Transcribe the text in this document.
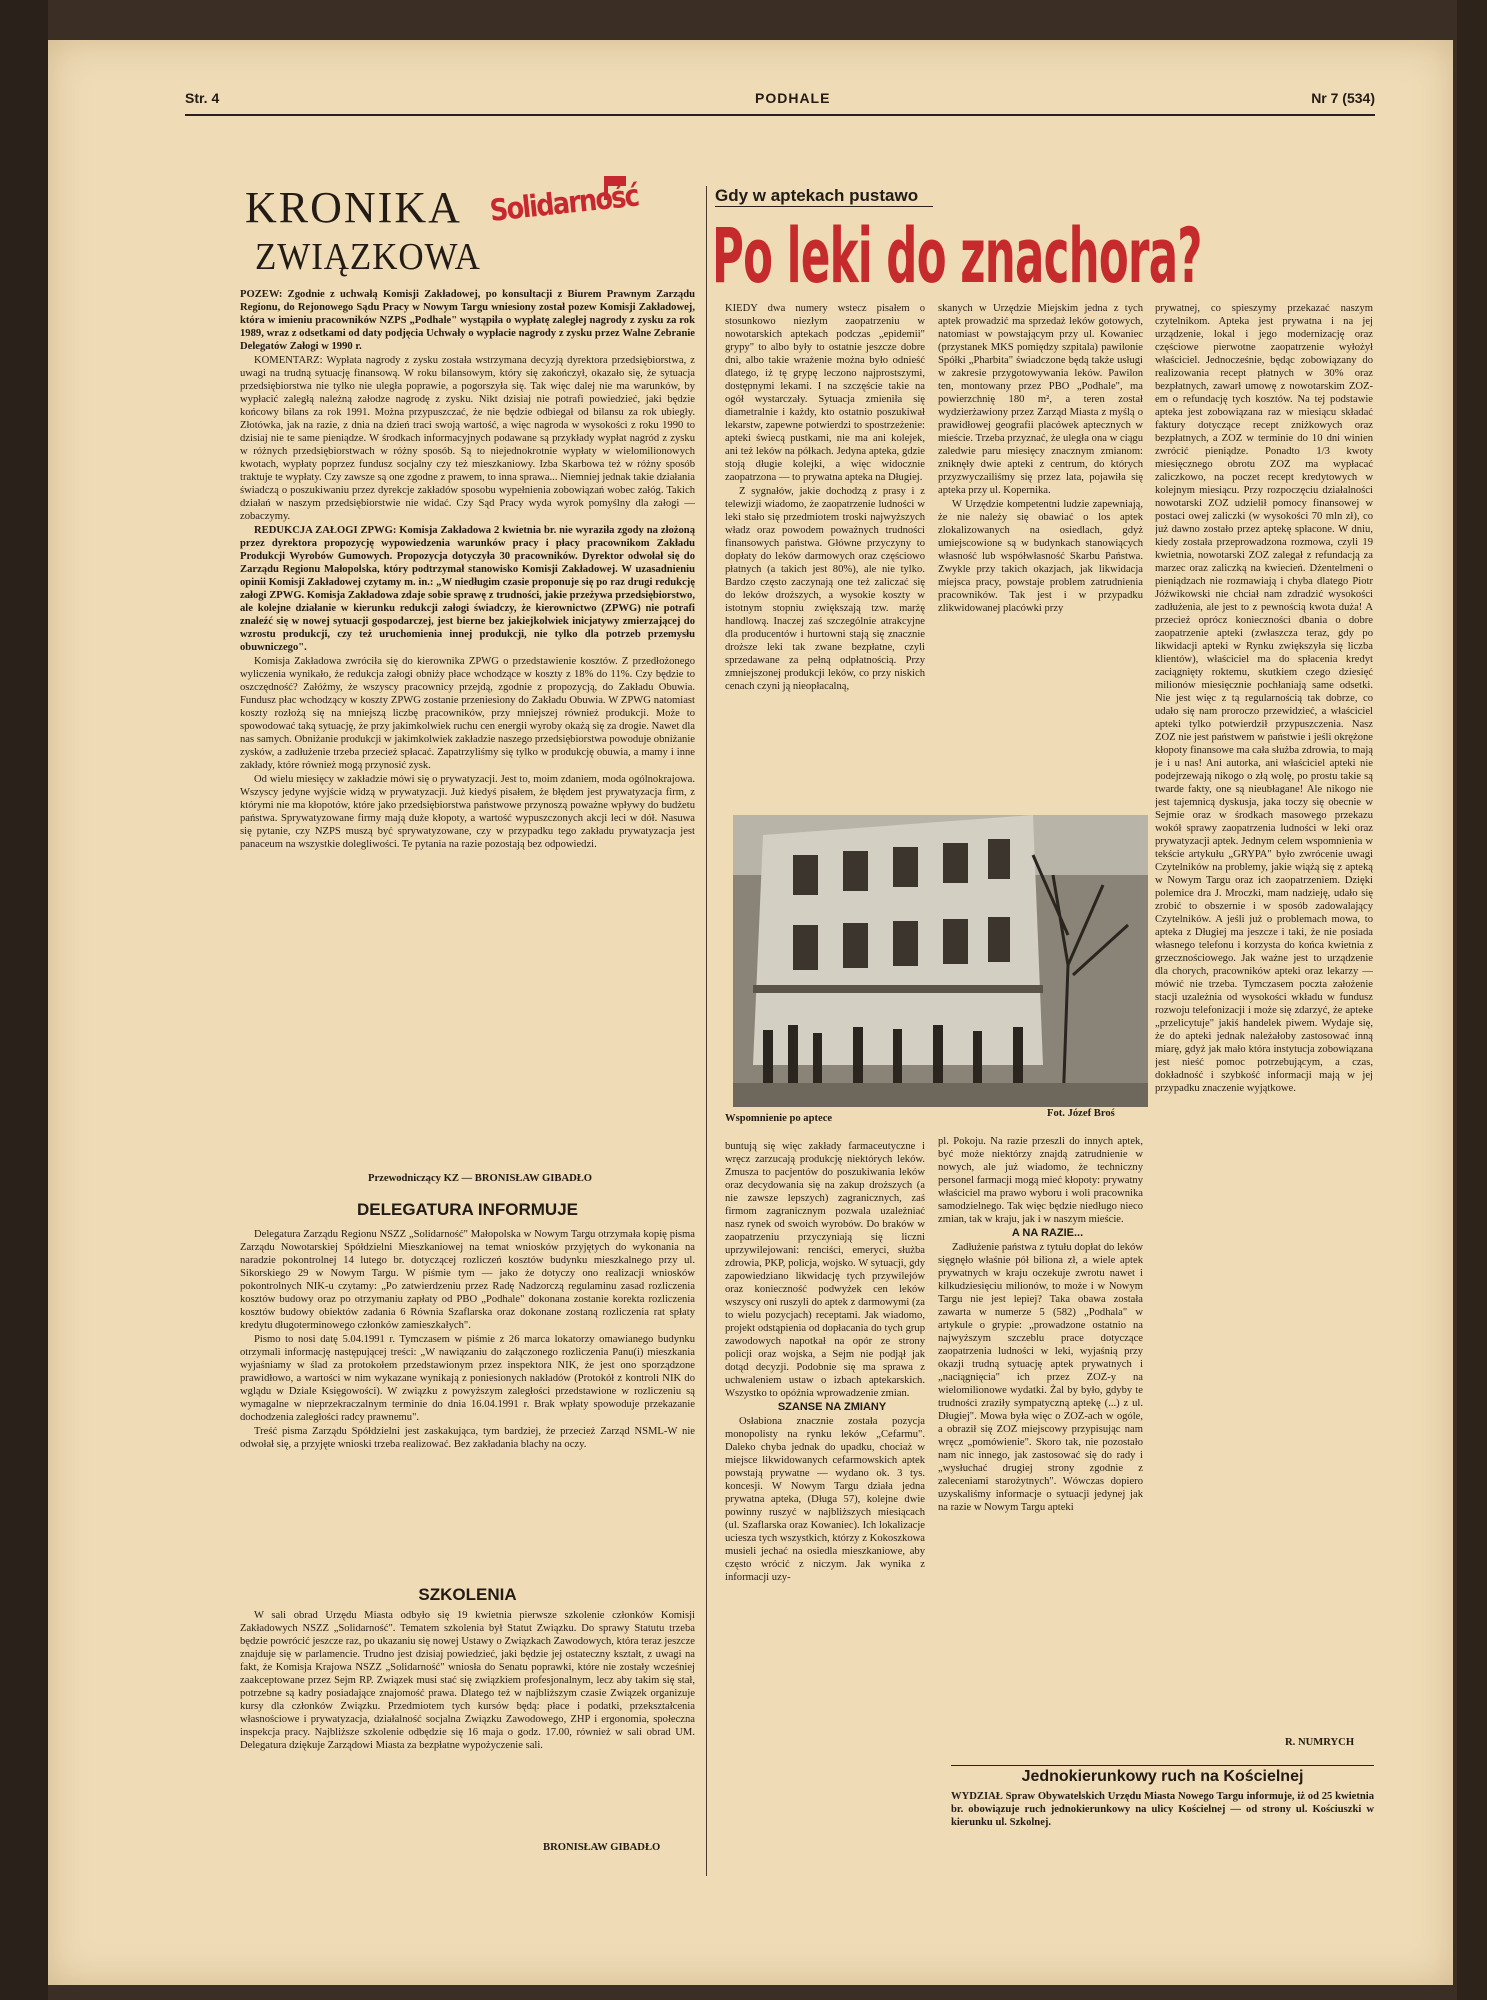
Str. 4	PODHALE	Nr 7 (534)
KRONIKA
ZWIĄZKOWA
Solidarność

POZEW: Zgodnie z uchwałą Komisji Zakładowej, po konsultacji z Biurem Prawnym Zarządu Regionu, do Rejonowego Sądu Pracy w Nowym Targu wniesiony został pozew Komisji Zakładowej, która w imieniu pracowników NZPS „Podhale" wystąpiła o wypłatę zaległej nagrody z zysku za rok 1989, wraz z odsetkami od daty podjęcia Uchwały o wypłacie nagrody z zysku przez Walne Zebranie Delegatów Załogi w 1990 r.

KOMENTARZ: Wypłata nagrody z zysku została wstrzymana decyzją dyrektora przedsiębiorstwa, z uwagi na trudną sytuację finansową. W roku bilansowym, który się zakończył, okazało się, że sytuacja przedsiębiorstwa nie tylko nie uległa poprawie, a pogorszyła się. Tak więc dalej nie ma warunków, by wypłacić zaległą należną załodze nagrodę z zysku. Nikt dzisiaj nie potrafi powiedzieć, jaki będzie końcowy bilans za rok 1991. Można przypuszczać, że nie będzie odbiegał od bilansu za rok ubiegły. Złotówka, jak na razie, z dnia na dzień traci swoją wartość, a więc nagroda w wysokości z roku 1990 to dzisiaj nie te same pieniądze. W środkach informacyjnych podawane są przykłady wypłat nagród z zysku w różnych przedsiębiorstwach w różny sposób. Są to niejednokrotnie wypłaty w wielomilionowych kwotach, wypłaty poprzez fundusz socjalny czy też mieszkaniowy. Izba Skarbowa też w różny sposób traktuje te wypłaty. Czy zawsze są one zgodne z prawem, to inna sprawa... Niemniej jednak takie działania świadczą o poszukiwaniu przez dyrekcje zakładów sposobu wypełnienia zobowiązań wobec załóg. Takich działań w naszym przedsiębiorstwie nie widać. Czy Sąd Pracy wyda wyrok pomyślny dla załogi — zobaczymy.

REDUKCJA ZAŁOGI ZPWG: Komisja Zakładowa 2 kwietnia br. nie wyraziła zgody na złożoną przez dyrektora propozycję wypowiedzenia warunków pracy i płacy pracownikom Zakładu Produkcji Wyrobów Gumowych. Propozycja dotyczyła 30 pracowników. Dyrektor odwołał się do Zarządu Regionu Małopolska, który podtrzymał stanowisko Komisji Zakładowej. W uzasadnieniu opinii Komisji Zakładowej czytamy m. in.: „W niedługim czasie proponuje się po raz drugi redukcję załogi ZPWG. Komisja Zakładowa zdaje sobie sprawę z trudności, jakie przeżywa przedsiębiorstwo, ale kolejne działanie w kierunku redukcji załogi świadczy, że kierownictwo (ZPWG) nie potrafi znaleźć się w nowej sytuacji gospodarczej, jest bierne bez jakiejkolwiek inicjatywy zmierzającej do wzrostu produkcji, czy też uruchomienia innej produkcji, nie tylko dla potrzeb przemysłu obuwniczego".

Komisja Zakładowa zwróciła się do kierownika ZPWG o przedstawienie kosztów. Z przedłożonego wyliczenia wynikało, że redukcja załogi obniży płace wchodzące w koszty z 18% do 11%. Czy będzie to oszczędność? Załóżmy, że wszyscy pracownicy przejdą, zgodnie z propozycją, do Zakładu Obuwia. Fundusz płac wchodzący w koszty ZPWG zostanie przeniesiony do Zakładu Obuwia. W ZPWG natomiast koszty rozłożą się na mniejszą liczbę pracowników, przy mniejszej również produkcji. Może to spowodować taką sytuację, że przy jakimkolwiek ruchu cen energii wyroby okażą się za drogie. Nawet dla nas samych. Obniżanie produkcji w jakimkolwiek zakładzie naszego przedsiębiorstwa powoduje obniżanie zysków, a zadłużenie trzeba przecież spłacać. Zapatrzyliśmy się tylko w produkcję obuwia, a mamy i inne zakłady, które również mogą przynosić zysk.

Od wielu miesięcy w zakładzie mówi się o prywatyzacji. Jest to, moim zdaniem, moda ogólnokrajowa. Wszyscy jedyne wyjście widzą w prywatyzacji. Już kiedyś pisałem, że błędem jest prywatyzacja firm, z którymi nie ma kłopotów, które jako przedsiębiorstwa państwowe przynoszą poważne wpływy do budżetu państwa. Sprywatyzowane firmy mają duże kłopoty, a wartość wypuszczonych akcji leci w dół. Nasuwa się pytanie, czy NZPS muszą być sprywatyzowane, czy w przypadku tego zakładu prywatyzacja jest panaceum na wszystkie dolegliwości. Te pytania na razie pozostają bez odpowiedzi.

Przewodniczący KZ — BRONISŁAW GIBADŁO
DELEGATURA INFORMUJE

Delegatura Zarządu Regionu NSZZ „Solidarność" Małopolska w Nowym Targu otrzymała kopię pisma Zarządu Nowotarskiej Spółdzielni Mieszkaniowej na temat wniosków przyjętych do wykonania na naradzie pokontrolnej 14 lutego br. dotyczącej rozliczeń kosztów budynku mieszkalnego przy ul. Sikorskiego 29 w Nowym Targu. W piśmie tym — jako że dotyczy ono realizacji wniosków pokontrolnych NIK-u czytamy: „Po zatwierdzeniu przez Radę Nadzorczą regulaminu zasad rozliczenia kosztów budowy oraz po otrzymaniu zapłaty od PBO „Podhale" dokonana zostanie korekta rozliczenia kosztów budowy obiektów zadania 6 Równia Szaflarska oraz dokonane zostaną rozliczenia rat spłaty kredytu długoterminowego członków zamieszkałych".

Pismo to nosi datę 5.04.1991 r. Tymczasem w piśmie z 26 marca lokatorzy omawianego budynku otrzymali informację następującej treści: „W nawiązaniu do załączonego rozliczenia Panu(i) mieszkania wyjaśniamy w ślad za protokołem przedstawionym przez inspektora NIK, że jest ono sporządzone prawidłowo, a wartości w nim wykazane wynikają z poniesionych nakładów (Protokół z kontroli NIK do wglądu w Dziale Księgowości). W związku z powyższym zaległości przedstawione w rozliczeniu są wymagalne w nieprzekraczalnym terminie do dnia 16.04.1991 r. Brak wpłaty spowoduje przekazanie dochodzenia zaległości radcy prawnemu".

Treść pisma Zarządu Spółdzielni jest zaskakująca, tym bardziej, że przecież Zarząd NSML-W nie odwołał się, a przyjęte wnioski trzeba realizować. Bez zakładania blachy na oczy.

SZKOLENIA

W sali obrad Urzędu Miasta odbyło się 19 kwietnia pierwsze szkolenie członków Komisji Zakładowych NSZZ „Solidarność". Tematem szkolenia był Statut Związku. Do sprawy Statutu trzeba będzie powrócić jeszcze raz, po ukazaniu się nowej Ustawy o Związkach Zawodowych, która teraz jeszcze znajduje się w parlamencie. Trudno jest dzisiaj powiedzieć, jaki będzie jej ostateczny kształt, z uwagi na fakt, że Komisja Krajowa NSZZ „Solidarność" wniosła do Senatu poprawki, które nie zostały wcześniej zaakceptowane przez Sejm RP. Związek musi stać się związkiem profesjonalnym, lecz aby takim się stał, potrzebne są kadry posiadające znajomość prawa. Dlatego też w najbliższym czasie Związek organizuje kursy dla członków Związku. Przedmiotem tych kursów będą: płace i podatki, przekształcenia własnościowe i prywatyzacja, działalność socjalna Związku Zawodowego, ZHP i ergonomia, społeczna inspekcja pracy. Najbliższe szkolenie odbędzie się 16 maja o godz. 17.00, również w sali obrad UM. Delegatura dziękuje Zarządowi Miasta za bezpłatne wypożyczenie sali.

BRONISŁAW GIBADŁO
Gdy w aptekach pustawo
Po leki do znachora?

KIEDY dwa numery wstecz pisałem o stosunkowo niezłym zaopatrzeniu w nowotarskich aptekach podczas „epidemii" grypy" to albo były to ostatnie jeszcze dobre dni, albo takie wrażenie można było odnieść dlatego, iż tę grypę leczono najprostszymi, dostępnymi lekami. I na szczęście takie na ogół wystarczały. Sytuacja zmieniła się diametralnie i każdy, kto ostatnio poszukiwał lekarstw, zapewne potwierdzi to spostrzeżenie: apteki świecą pustkami, nie ma ani kolejek, ani też leków na półkach. Jedyna apteka, gdzie stoją długie kolejki, a więc widocznie zaopatrzona — to prywatna apteka na Długiej.

Z sygnałów, jakie dochodzą z prasy i z telewizji wiadomo, że zaopatrzenie ludności w leki stało się przedmiotem troski najwyższych władz oraz powodem poważnych trudności finansowych państwa. Główne przyczyny to dopłaty do leków darmowych oraz częściowo płatnych (a takich jest 80%), ale nie tylko. Bardzo często zaczynają one też zaliczać się do leków droższych, a wysokie koszty w istotnym stopniu zwiększają tzw. marżę handlową. Inaczej zaś szczególnie atrakcyjne dla producentów i hurtowni stają się znacznie droższe leki tak zwane bezpłatne, czyli sprzedawane za pełną odpłatnością. Przy zmniejszonej produkcji leków, co przy niskich cenach czyni ją nieopłacalną,

skanych w Urzędzie Miejskim jedna z tych aptek prowadzić ma sprzedaż leków gotowych, natomiast w powstającym przy ul. Kowaniec (przystanek MKS pomiędzy szpitala) pawilonie Spółki „Pharbita" świadczone będą także usługi w zakresie przygotowywania leków. Pawilon ten, montowany przez PBO „Podhale", ma powierzchnię 180 m², a teren został wydzierżawiony przez Zarząd Miasta z myślą o prawidłowej geografii placówek aptecznych w mieście. Trzeba przyznać, że uległa ona w ciągu zaledwie paru miesięcy znacznym zmianom: zniknęły dwie apteki z centrum, do których przyzwyczailiśmy się przez lata, pojawiła się apteka przy ul. Kopernika.

W Urzędzie kompetentni ludzie zapewniają, że nie należy się obawiać o los aptek zlokalizowanych na osiedlach, gdyż umiejscowione są w budynkach stanowiących własność lub współwłasność Skarbu Państwa. Zwykle przy takich okazjach, jak likwidacja miejsca pracy, powstaje problem zatrudnienia pracowników. Tak jest i w przypadku zlikwidowanej placówki przy

prywatnej, co spieszymy przekazać naszym czytelnikom. Apteka jest prywatna i na jej urządzenie, lokal i jego modernizację oraz częściowe pierwotne zaopatrzenie wyłożył właściciel. Jednocześnie, będąc zobowiązany do realizowania recept płatnych w 30% oraz bezpłatnych, zawarł umowę z nowotarskim ZOZ-em o refundację tych kosztów. Na tej podstawie apteka jest zobowiązana raz w miesiącu składać faktury dotyczące recept zniżkowych oraz bezpłatnych, a ZOZ w terminie do 10 dni winien zwrócić pieniądze. Ponadto 1/3 kwoty miesięcznego obrotu ZOZ ma wypłacać zaliczkowo, na poczet recept kredytowych w kolejnym miesiącu. Przy rozpoczęciu działalności nowotarski ZOZ udzielił pomocy finansowej w postaci owej zaliczki (w wysokości 70 mln zł), co już dawno zostało przez aptekę spłacone. W dniu, kiedy została przeprowadzona rozmowa, czyli 19 kwietnia, nowotarski ZOZ zalegał z refundacją za marzec oraz zaliczką na kwiecień. Dżentelmeni o pieniądzach nie rozmawiają i chyba dlatego Piotr Jóźwikowski nie chciał nam zdradzić wysokości zadłużenia, ale jest to z pewnością kwota duża! A przecież oprócz konieczności dbania o dobre zaopatrzenie apteki (zwłaszcza teraz, gdy po likwidacji apteki w Rynku zwiększyła się liczba klientów), właściciel ma do spłacenia kredyt zaciągnięty roktemu, skutkiem czego dziesięć milionów miesięcznie pochłaniają same odsetki. Nie jest więc z tą regularnością tak dobrze, co udało się nam proroczo przewidzieć, a właściciel apteki tylko potwierdził przypuszczenia. Nasz ZOZ nie jest państwem w państwie i jeśli okrężone kłopoty finansowe ma cała służba zdrowia, to mają je i u nas! Ani autorka, ani właściciel apteki nie podejrzewają nikogo o złą wolę, po prostu takie są twarde fakty, one są nieubłagane! Ale nikogo nie jest tajemnicą dyskusja, jaka toczy się obecnie w Sejmie oraz w środkach masowego przekazu wokół sprawy zaopatrzenia ludności w leki oraz prywatyzacji aptek. Jednym celem wspomnienia w tekście artykułu „GRYPA" było zwrócenie uwagi Czytelników na problemy, jakie wiążą się z apteką w Nowym Targu oraz ich zaopatrzeniem. Dzięki polemice dra J. Mroczki, mam nadzieję, udało się zrobić to obszernie i w sposób zadowalający Czytelników. A jeśli już o problemach mowa, to apteka z Długiej ma jeszcze i taki, że nie posiada własnego telefonu i korzysta do końca kwietnia z grzecznościowego. Jak ważne jest to urządzenie dla chorych, pracowników apteki oraz lekarzy — mówić nie trzeba. Tymczasem poczta założenie stacji uzależnia od wysokości wkładu w fundusz rozwoju telefonizacji i może się zdarzyć, że apteke „przelicytuje" jakiś handelek piwem. Wydaje się, że do apteki jednak należałoby zastosować inną miarę, gdyż jak mało która instytucja zobowiązana jest nieść pomoc potrzebującym, a czas, dokładność i szybkość informacji mają w jej przypadku znaczenie wyjątkowe.

R. NUMRYCH
Wspomnienie po aptece	Fot. Józef Broś

buntują się więc zakłady farmaceutyczne i wręcz zarzucają produkcję niektórych leków. Zmusza to pacjentów do poszukiwania leków oraz decydowania się na zakup droższych (a nie zawsze lepszych) zagranicznych, zaś firmom zagranicznym pozwala uzależniać nasz rynek od swoich wyrobów. Do braków w zaopatrzeniu przyczyniają się liczni uprzywilejowani: renciści, emeryci, służba zdrowia, PKP, policja, wojsko. W sytuacji, gdy zapowiedziano likwidację tych przywilejów oraz konieczność podwyżek cen leków wszyscy oni ruszyli do aptek z darmowymi (za to wielu pozycjach) receptami. Jak wiadomo, projekt odstąpienia od dopłacania do tych grup zawodowych napotkał na opór ze strony policji oraz wojska, a Sejm nie podjął jak dotąd decyzji. Podobnie się ma sprawa z uchwaleniem ustaw o izbach aptekarskich. Wszystko to opóźnia wprowadzenie zmian.

SZANSE NA ZMIANY

Osłabiona znacznie została pozycja monopolisty na rynku leków „Cefarmu". Daleko chyba jednak do upadku, chociaż w miejsce likwidowanych cefarmowskich aptek powstają prywatne — wydano ok. 3 tys. koncesji. W Nowym Targu działa jedna prywatna apteka, (Długa 57), kolejne dwie powinny ruszyć w najbliższych miesiącach (ul. Szaflarska oraz Kowaniec). Ich lokalizacje uciesza tych wszystkich, którzy z Kokoszkowa musieli jechać na osiedla mieszkaniowe, aby często wrócić z niczym. Jak wynika z informacji uzy-

pl. Pokoju. Na razie przeszli do innych aptek, być może niektórzy znajdą zatrudnienie w nowych, ale już wiadomo, że techniczny personel farmacji mogą mieć kłopoty: prywatny właściciel ma prawo wyboru i woli pracownika samodzielnego. Tak więc będzie niedługo nieco zmian, tak w kraju, jak i w naszym mieście.

A NA RAZIE...

Zadłużenie państwa z tytułu dopłat do leków sięgnęło właśnie pół biliona zł, a wiele aptek prywatnych w kraju oczekuje zwrotu nawet i kilkudziesięciu milionów, to może i w Nowym Targu nie jest lepiej? Taka obawa została zawarta w numerze 5 (582) „Podhala" w artykule o grypie: „prowadzone ostatnio na najwyższym szczeblu prace dotyczące zaopatrzenia ludności w leki, wyjaśnią przy okazji trudną sytuację aptek prywatnych i „naciągnięcia" ich przez ZOZ-y na wielomilionowe wydatki. Żal by było, gdyby te trudności zraziły sympatyczną aptekę (...) z ul. Długiej". Mowa była więc o ZOZ-ach w ogóle, a obraził się ZOZ miejscowy przypisując nam wręcz „pomówienie". Skoro tak, nie pozostało nam nic innego, jak zastosować się do rady i „wysłuchać drugiej strony zgodnie z zaleceniami starożytnych". Wówczas dopiero uzyskaliśmy informacje o sytuacji jedynej jak na razie w Nowym Targu apteki

Jednokierunkowy ruch na Kościelnej
WYDZIAŁ Spraw Obywatelskich Urzędu Miasta Nowego Targu informuje, iż od 25 kwietnia br. obowiązuje ruch jednokierunkowy na ulicy Kościelnej — od strony ul. Kościuszki w kierunku ul. Szkolnej.
